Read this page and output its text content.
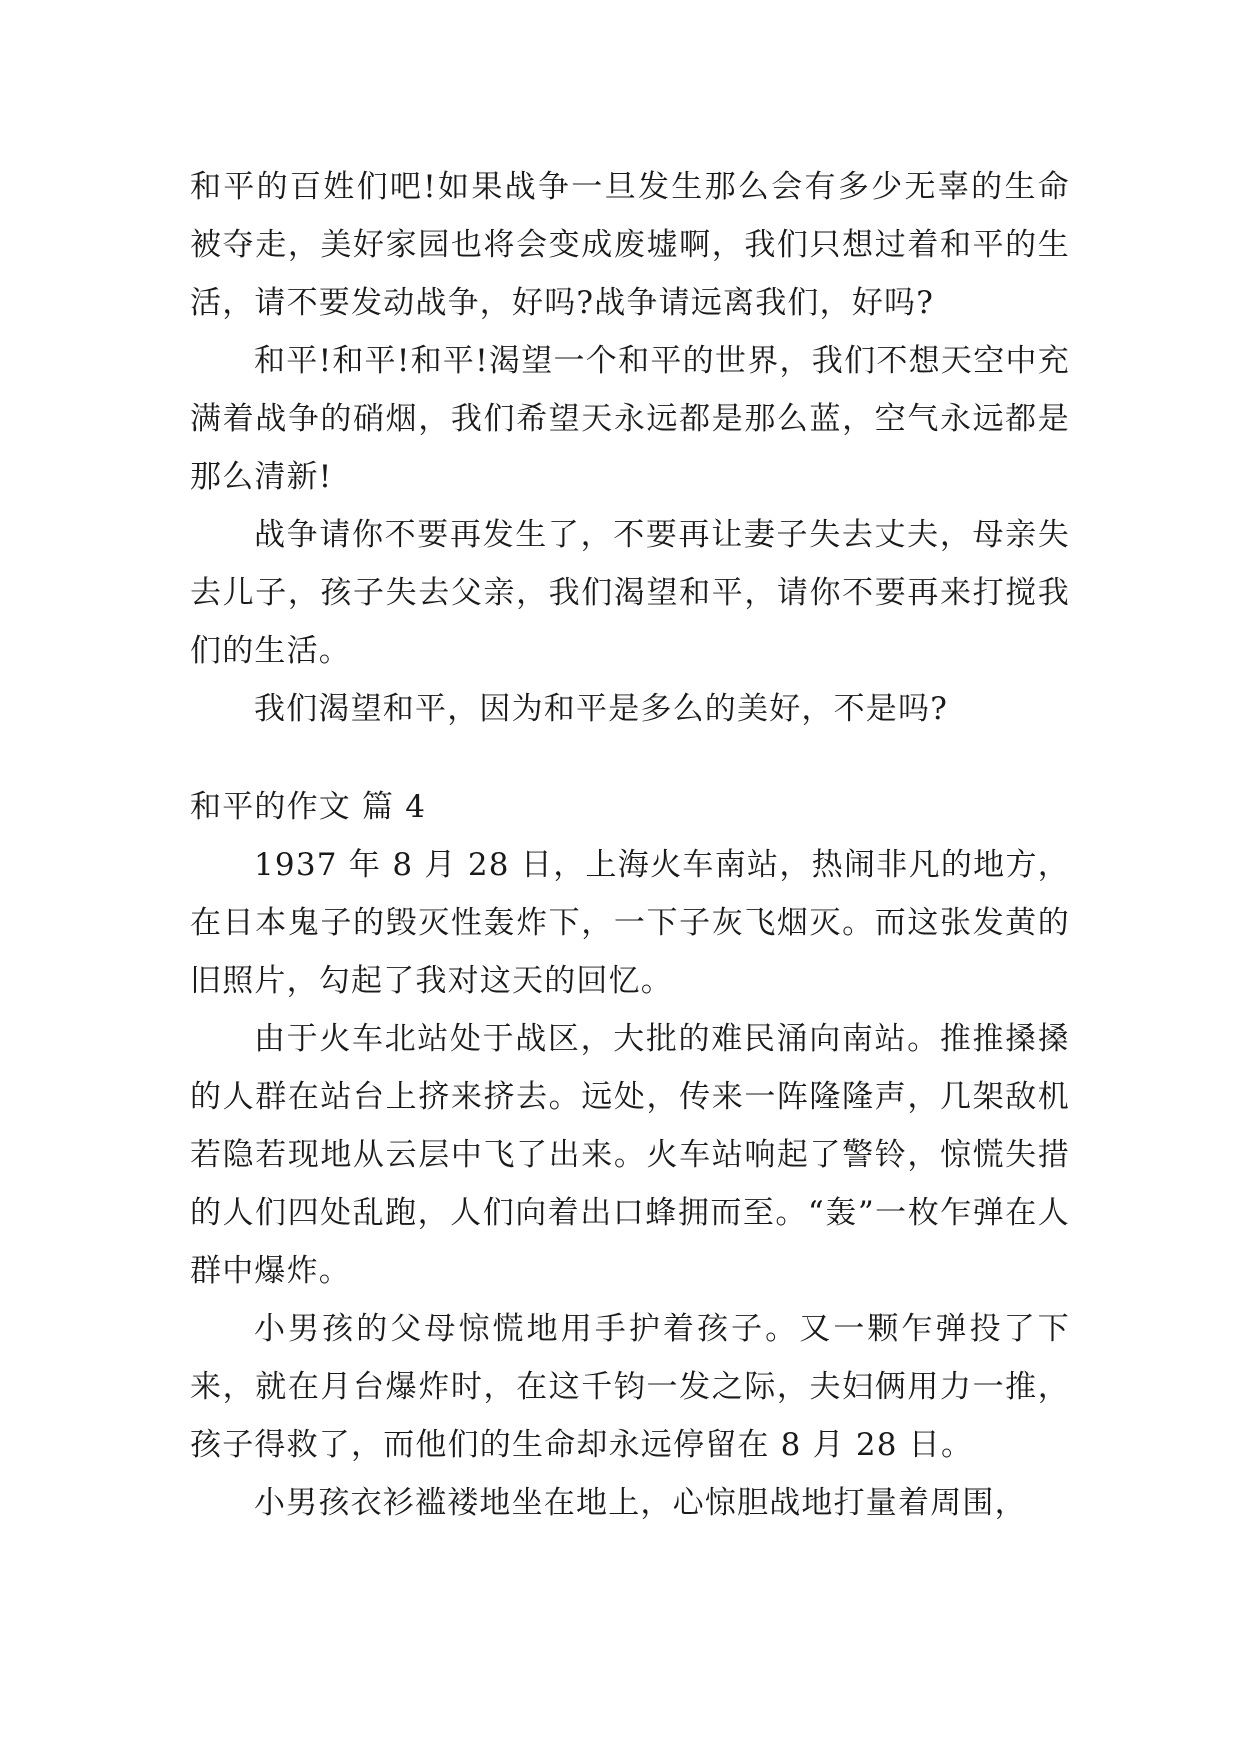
和平的百姓们吧!如果战争一旦发生那么会有多少无辜的生命被夺走，美好家园也将会变成废墟啊，我们只想过着和平的生活，请不要发动战争，好吗?战争请远离我们，好吗?

和平!和平!和平!渴望一个和平的世界，我们不想天空中充满着战争的硝烟，我们希望天永远都是那么蓝，空气永远都是那么清新!

战争请你不要再发生了，不要再让妻子失去丈夫，母亲失去儿子，孩子失去父亲，我们渴望和平，请你不要再来打搅我们的生活。

我们渴望和平，因为和平是多么的美好，不是吗?

和平的作文 篇 4

1937 年 8 月 28 日，上海火车南站，热闹非凡的地方，在日本鬼子的毁灭性轰炸下，一下子灰飞烟灭。而这张发黄的旧照片，勾起了我对这天的回忆。

由于火车北站处于战区，大批的难民涌向南站。推推搡搡的人群在站台上挤来挤去。远处，传来一阵隆隆声，几架敌机若隐若现地从云层中飞了出来。火车站响起了警铃，惊慌失措的人们四处乱跑，人们向着出口蜂拥而至。“轰”一枚乍弹在人群中爆炸。

小男孩的父母惊慌地用手护着孩子。又一颗乍弹投了下来，就在月台爆炸时，在这千钧一发之际，夫妇俩用力一推，孩子得救了，而他们的生命却永远停留在 8 月 28 日。

小男孩衣衫褴褛地坐在地上，心惊胆战地打量着周围，
